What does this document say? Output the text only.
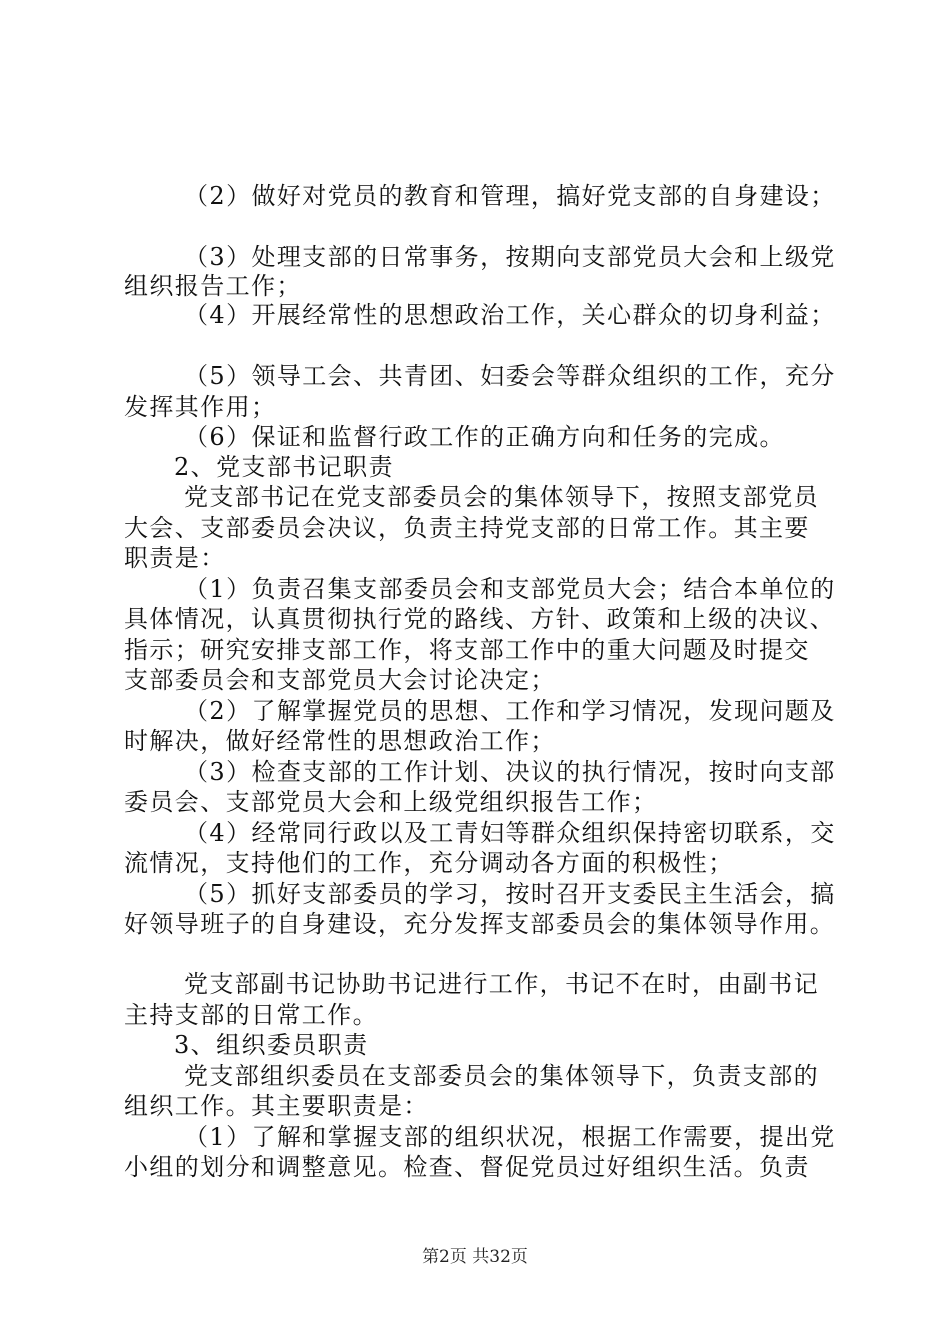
（2）做好对党员的教育和管理，搞好党支部的自身建设；
（3）处理支部的日常事务，按期向支部党员大会和上级党
组织报告工作；
（4）开展经常性的思想政治工作，关心群众的切身利益；
（5）领导工会、共青团、妇委会等群众组织的工作，充分
发挥其作用；
（6）保证和监督行政工作的正确方向和任务的完成。
2、党支部书记职责
党支部书记在党支部委员会的集体领导下，按照支部党员
大会、支部委员会决议，负责主持党支部的日常工作。其主要
职责是：
（1）负责召集支部委员会和支部党员大会；结合本单位的
具体情况，认真贯彻执行党的路线、方针、政策和上级的决议、
指示；研究安排支部工作，将支部工作中的重大问题及时提交
支部委员会和支部党员大会讨论决定；
（2）了解掌握党员的思想、工作和学习情况，发现问题及
时解决，做好经常性的思想政治工作；
（3）检查支部的工作计划、决议的执行情况，按时向支部
委员会、支部党员大会和上级党组织报告工作；
（4）经常同行政以及工青妇等群众组织保持密切联系，交
流情况，支持他们的工作，充分调动各方面的积极性；
（5）抓好支部委员的学习，按时召开支委民主生活会，搞
好领导班子的自身建设，充分发挥支部委员会的集体领导作用。
党支部副书记协助书记进行工作，书记不在时，由副书记
主持支部的日常工作。
3、组织委员职责
党支部组织委员在支部委员会的集体领导下，负责支部的
组织工作。其主要职责是：
（1）了解和掌握支部的组织状况，根据工作需要，提出党
小组的划分和调整意见。检查、督促党员过好组织生活。负责
第2页 共32页
